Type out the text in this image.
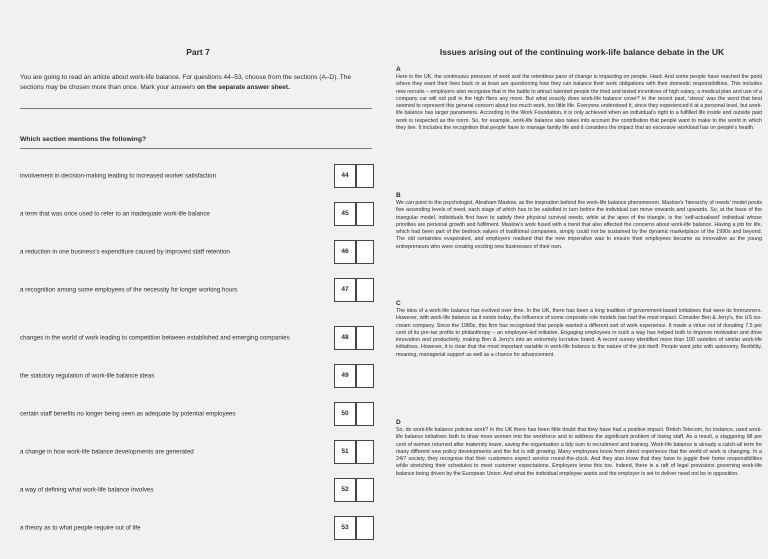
Part 7
You are going to read an article about work-life balance. For questions 44–53, choose from the sections (A–D). The sections may be chosen more than once. Mark your answers on the separate answer sheet.
Which section mentions the following?
involvement in decision-making leading to increased worker satisfaction	44
a term that was once used to refer to an inadequate work-life balance	45
a reduction in one business's expenditure caused by improved staff retention	46
a recognition among some employees of the necessity for longer working hours	47
changes in the world of work leading to competition between established and emerging companies	48
the statutory regulation of work-life balance ideas	49
certain staff benefits no longer being seen as adequate by potential employees	50
a change in how work-life balance developments are generated	51
a way of defining what work-life balance involves	52
a theory as to what people require out of life	53
Issues arising out of the continuing work-life balance debate in the UK
A
Here in the UK, the continuous pressure of work and the relentless pace of change is impacting on people. Hard. And some people have reached the point where they want their lives back or at least are questioning how they can balance their work obligations with their domestic responsibilities. This includes new recruits – employers also recognise that in the battle to attract talented people the tried and tested incentives of high salary, a medical plan and use of a company car will not pull in the high fliers any more. But what exactly does work-life balance cover? In the recent past, 'stress' was the word that best seemed to represent this general concern about too much work, too little life. Everyone understood it, since they experienced it at a personal level, but work-life balance has larger parameters. According to the Work Foundation, it is only achieved when an individual's right to a fulfilled life inside and outside paid work is respected as the norm. So, for example, work-life balance also takes into account the contribution that people want to make to the world in which they live. It includes the recognition that people have to manage family life and it considers the impact that an excessive workload has on people's health.
B
We can point to the psychologist, Abraham Maslow, as the inspiration behind the work-life balance phenomenon. Maslow's 'hierarchy of needs' model posits five ascending levels of need, each stage of which has to be satisfied in turn before the individual can move onwards and upwards. So, at the base of the triangular model, individuals first have to satisfy their physical survival needs, while at the apex of the triangle, is the 'self-actualised' individual whose priorities are personal growth and fulfilment. Maslow's work fused with a trend that also affected the concerns about work-life balance. Having a job for life, which had been part of the bedrock values of traditional companies, simply could not be sustained by the dynamic marketplace of the 1990s and beyond. The old certainties evaporated, and employers realised that the new imperative was to ensure their employees became as innovative as the young entrepreneurs who were creating exciting new businesses of their own.
C
The idea of a work-life balance has evolved over time. In the UK, there has been a long tradition of government-based initiatives that were its forerunners. However, with work-life balance as it exists today, the influence of some corporate role models has had the most impact. Consider Ben & Jerry's, the US ice-cream company. Since the 1980s, this firm has recognised that people wanted a different sort of work experience. It made a virtue out of donating 7.5 per cent of its pre-tax profits to philanthropy – an employee-led initiative. Engaging employees in such a way has helped both to improve motivation and drive innovation and productivity, making Ben & Jerry's into an extremely lucrative brand. A recent survey identified more than 100 varieties of similar work-life initiatives. However, it is clear that the most important variable in work-life balance is the nature of the job itself. People want jobs with autonomy, flexibility, meaning, managerial support as well as a chance for advancement.
D
So, do work-life balance policies work? In the UK there has been little doubt that they have had a positive impact. British Telecom, for instance, used work-life balance initiatives both to draw more women into the workforce and to address the significant problem of losing staff. As a result, a staggering 98 per cent of women returned after maternity leave, saving the organisation a tidy sum in recruitment and training. Work-life balance is already a catch-all term for many different new policy developments and the list is still growing. Many employees know from direct experience that the world of work is changing. In a 24/7 society, they recognise that their customers expect service round-the-clock. And they also know that they have to juggle their home responsibilities while stretching their schedules to meet customer expectations. Employers know this too. Indeed, there is a raft of legal provisions governing work-life balance being driven by the European Union. And what the individual employee wants and the employer is set to deliver need not be in opposition.
